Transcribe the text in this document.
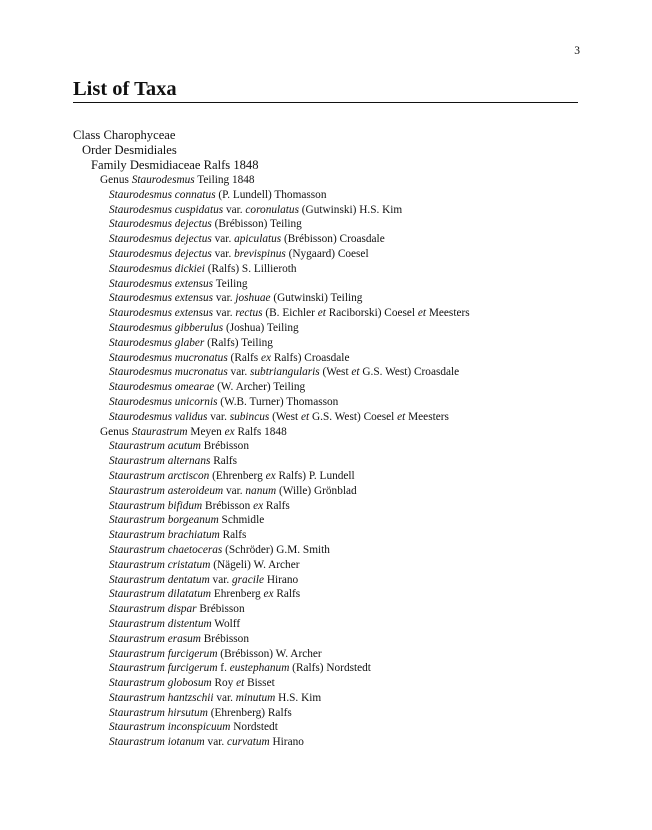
3
List of Taxa
Class Charophyceae
Order Desmidiales
Family Desmidiaceae Ralfs 1848
Genus Staurodesmus Teiling 1848
Staurodesmus connatus (P. Lundell) Thomasson
Staurodesmus cuspidatus var. coronulatus (Gutwinski) H.S. Kim
Staurodesmus dejectus (Brébisson) Teiling
Staurodesmus dejectus var. apiculatus (Brébisson) Croasdale
Staurodesmus dejectus var. brevispinus (Nygaard) Coesel
Staurodesmus dickiei (Ralfs) S. Lillieroth
Staurodesmus extensus Teiling
Staurodesmus extensus var. joshuae (Gutwinski) Teiling
Staurodesmus extensus var. rectus (B. Eichler et Raciborski) Coesel et Meesters
Staurodesmus gibberulus (Joshua) Teiling
Staurodesmus glaber (Ralfs) Teiling
Staurodesmus mucronatus (Ralfs ex Ralfs) Croasdale
Staurodesmus mucronatus var. subtriangularis (West et G.S. West) Croasdale
Staurodesmus omearae (W. Archer) Teiling
Staurodesmus unicornis (W.B. Turner) Thomasson
Staurodesmus validus var. subincus (West et G.S. West) Coesel et Meesters
Genus Staurastrum Meyen ex Ralfs 1848
Staurastrum acutum Brébisson
Staurastrum alternans Ralfs
Staurastrum arctiscon (Ehrenberg ex Ralfs) P. Lundell
Staurastrum asteroideum var. nanum (Wille) Grönblad
Staurastrum bifidum Brébisson ex Ralfs
Staurastrum borgeanum Schmidle
Staurastrum brachiatum Ralfs
Staurastrum chaetoceras (Schröder) G.M. Smith
Staurastrum cristatum (Nägeli) W. Archer
Staurastrum dentatum var. gracile Hirano
Staurastrum dilatatum Ehrenberg ex Ralfs
Staurastrum dispar Brébisson
Staurastrum distentum Wolff
Staurastrum erasum Brébisson
Staurastrum furcigerum (Brébisson) W. Archer
Staurastrum furcigerum f. eustephanum (Ralfs) Nordstedt
Staurastrum globosum Roy et Bisset
Staurastrum hantzschii var. minutum H.S. Kim
Staurastrum hirsutum (Ehrenberg) Ralfs
Staurastrum inconspicuum Nordstedt
Staurastrum iotanum var. curvatum Hirano
